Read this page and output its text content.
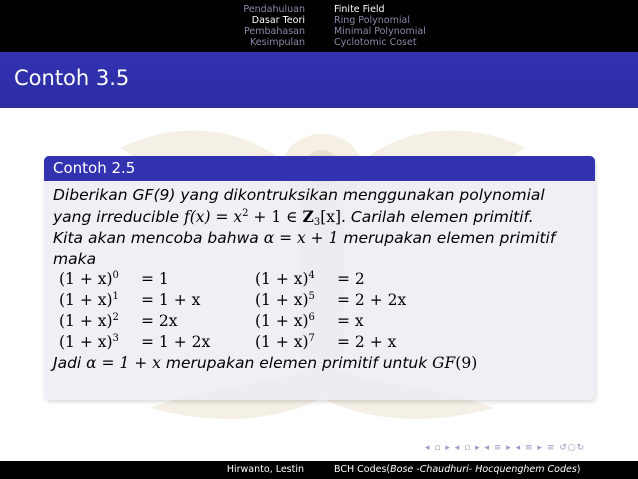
Pendahuluan
Dasar Teori
Pembahasan
Kesimpulan
Finite Field
Ring Polynomial
Minimal Polynomial
Cyclotomic Coset
Contoh 3.5
Contoh 2.5
Diberikan GF(9) yang dikontruksikan menggunakan polynomial
yang irreducible $f(x) = x^2 + 1$ ∈ $Z_3[x]$. Carilah elemen primitif.
Kita akan mencoba bahwa α = x + 1 merupakan elemen primitif
maka
$(1 + x)^0 = 1$	$(1 + x)^4 = 2$
$(1 + x)^1 = 1 + x$	$(1 + x)^5 = 2 + 2x$
$(1 + x)^2 = 2x$	$(1 + x)^6 = x$
$(1 + x)^3 = 1 + 2x$	$(1 + x)^7 = 2 + x$
Jadi α = 1 + x merupakan elemen primitif untuk GF(9)
◂ ▫ ▸ ◂ ▫ ▸ ◂ ≡ ▸ ◂ ≡ ▸ ≡ ↺○↻
Hirwanto, Lestin	BCH Codes(Bose -Chaudhuri- Hocquenghem Codes)
